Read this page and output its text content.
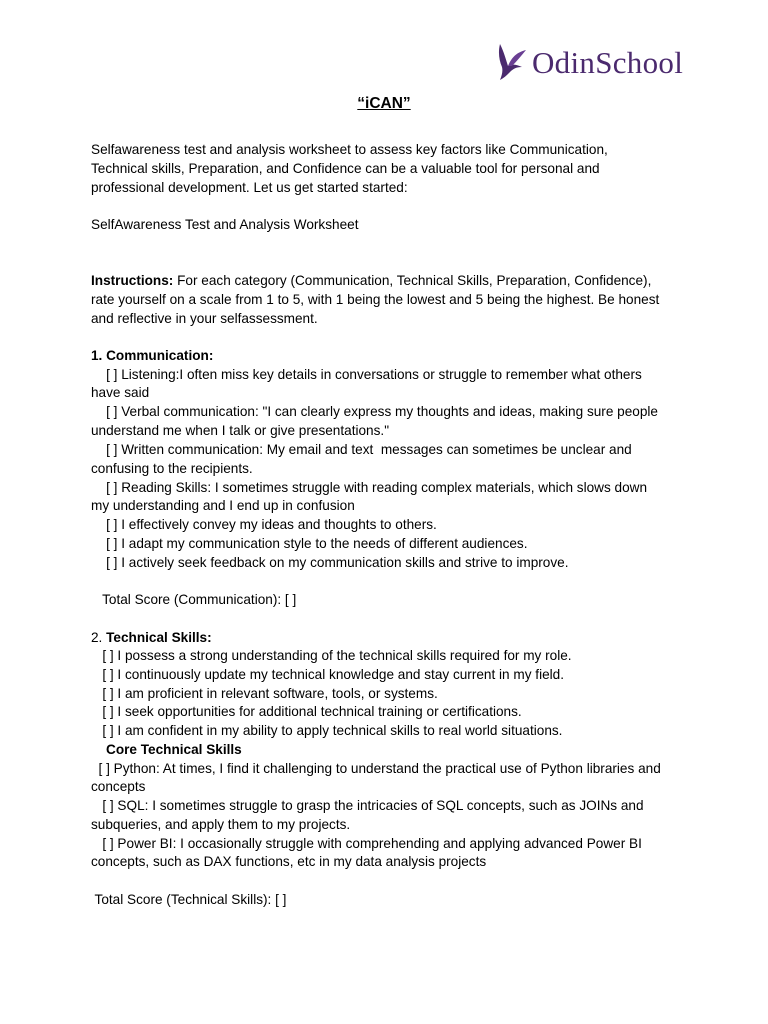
OdinSchool
“iCAN”
Selfawareness test and analysis worksheet to assess key factors like Communication,
Technical skills, Preparation, and Confidence can be a valuable tool for personal and
professional development. Let us get started started:
SelfAwareness Test and Analysis Worksheet
Instructions: For each category (Communication, Technical Skills, Preparation, Confidence),
rate yourself on a scale from 1 to 5, with 1 being the lowest and 5 being the highest. Be honest
and reflective in your selfassessment.
1. Communication:
[ ] Listening:I often miss key details in conversations or struggle to remember what others
have said
[ ] Verbal communication: "I can clearly express my thoughts and ideas, making sure people
understand me when I talk or give presentations."
[ ] Written communication: My email and text  messages can sometimes be unclear and
confusing to the recipients.
[ ] Reading Skills: I sometimes struggle with reading complex materials, which slows down
my understanding and I end up in confusion
[ ] I effectively convey my ideas and thoughts to others.
[ ] I adapt my communication style to the needs of different audiences.
[ ] I actively seek feedback on my communication skills and strive to improve.
Total Score (Communication): [ ]
2. Technical Skills:
[ ] I possess a strong understanding of the technical skills required for my role.
[ ] I continuously update my technical knowledge and stay current in my field.
[ ] I am proficient in relevant software, tools, or systems.
[ ] I seek opportunities for additional technical training or certifications.
[ ] I am confident in my ability to apply technical skills to real world situations.
Core Technical Skills
[ ] Python: At times, I find it challenging to understand the practical use of Python libraries and
concepts
[ ] SQL: I sometimes struggle to grasp the intricacies of SQL concepts, such as JOINs and
subqueries, and apply them to my projects.
[ ] Power BI: I occasionally struggle with comprehending and applying advanced Power BI
concepts, such as DAX functions, etc in my data analysis projects
Total Score (Technical Skills): [ ]
